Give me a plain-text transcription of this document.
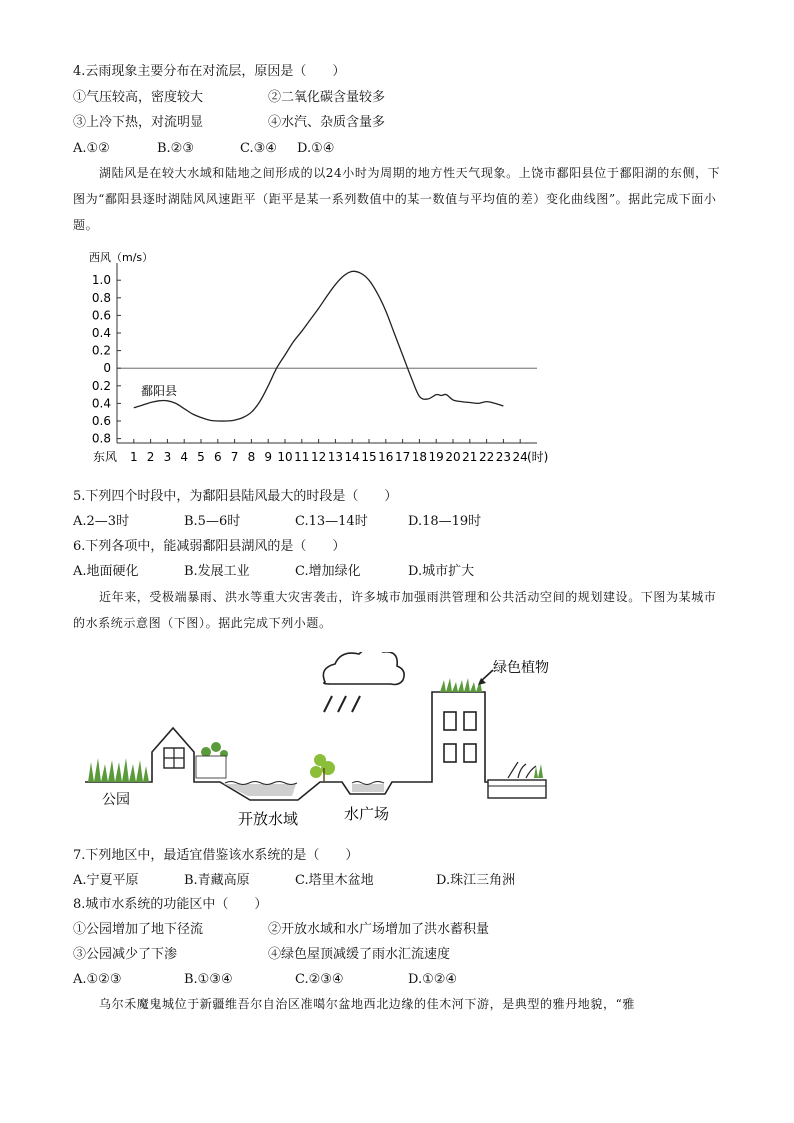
4.云雨现象主要分布在对流层，原因是（　　）
①气压较高，密度较大	②二氧化碳含量较多
③上冷下热，对流明显	④水汽、杂质含量多
A.①②	B.②③	C.③④ D.①④
湖陆风是在较大水域和陆地之间形成的以24小时为周期的地方性天气现象。上饶市鄱阳县位于鄱阳湖的东侧，下图为“鄱阳县逐时湖陆风风速距平（距平是某一系列数值中的某一数值与平均值的差）变化曲线图”。据此完成下面小题。
西风（m/s）
1.0
0.8
0.6
0.4
0.2
0
0.2
0.4
0.6
0.8
1 2 3 4 5 6 7 8 9 10 11 12 13 14 15 16 17 18 19 20 21 22 23 24
东风	(时)
鄱阳县
5.下列四个时段中，为鄱阳县陆风最大的时段是（　　）
A.2—3时	B.5—6时	C.13—14时	D.18—19时
6.下列各项中，能减弱鄱阳县湖风的是（　　）
A.地面硬化	B.发展工业	C.增加绿化	D.城市扩大
近年来，受极端暴雨、洪水等重大灾害袭击，许多城市加强雨洪管理和公共活动空间的规划建设。下图为某城市的水系统示意图（下图）。据此完成下列小题。
绿色植物
公园
开放水域	水广场
7.下列地区中，最适宜借鉴该水系统的是（　　）
A.宁夏平原	B.青藏高原	C.塔里木盆地	D.珠江三角洲
8.城市水系统的功能区中（　　）
①公园增加了地下径流	②开放水域和水广场增加了洪水蓄积量
③公园减少了下渗	④绿色屋顶减缓了雨水汇流速度
A.①②③	B.①③④	C.②③④	D.①②④
乌尔禾魔鬼城位于新疆维吾尔自治区准噶尔盆地西北边缘的佳木河下游，是典型的雅丹地貌，“雅
